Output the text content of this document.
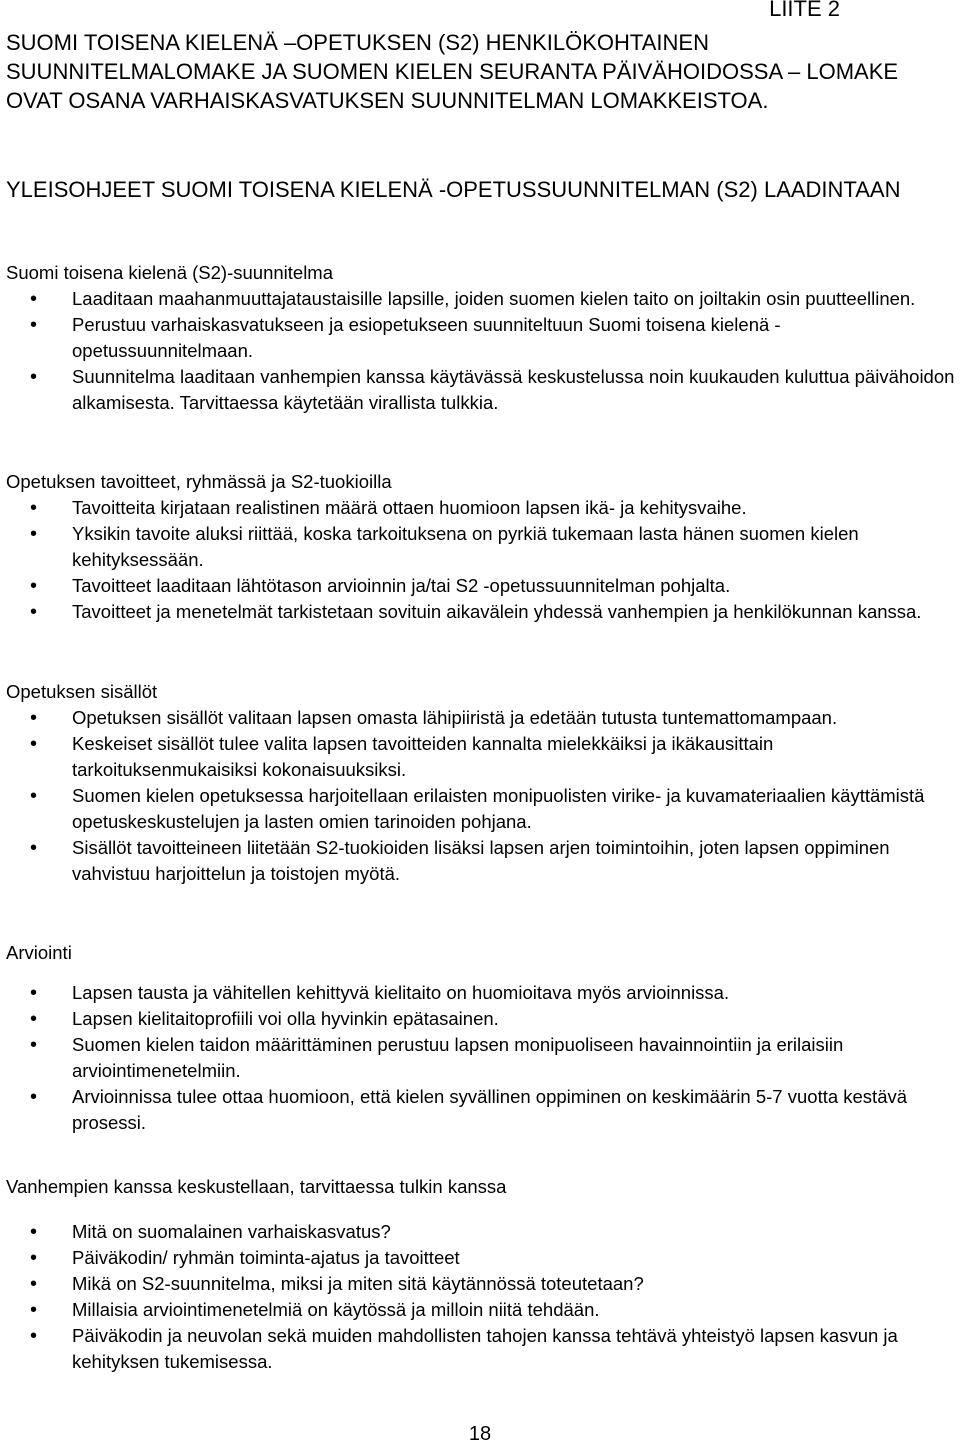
LIITE 2
SUOMI TOISENA KIELENÄ –OPETUKSEN (S2) HENKILÖKOHTAINEN SUUNNITELMALOMAKE JA SUOMEN KIELEN SEURANTA PÄIVÄHOIDOSSA – LOMAKE OVAT OSANA VARHAISKASVATUKSEN SUUNNITELMAN LOMAKKEISTOA.
YLEISOHJEET SUOMI TOISENA KIELENÄ -OPETUSSUUNNITELMAN (S2) LAADINTAAN
Suomi toisena kielenä (S2)-suunnitelma
• Laaditaan maahanmuuttajataustaisille lapsille, joiden suomen kielen taito on joiltakin osin puutteellinen.
• Perustuu varhaiskasvatukseen ja esiopetukseen suunniteltuun Suomi toisena kielenä -opetussuunnitelmaan.
• Suunnitelma laaditaan vanhempien kanssa käytävässä keskustelussa noin kuukauden kuluttua päivähoidon alkamisesta. Tarvittaessa käytetään virallista tulkkia.
Opetuksen tavoitteet, ryhmässä ja S2-tuokioilla
• Tavoitteita kirjataan realistinen määrä ottaen huomioon lapsen ikä- ja kehitysvaihe.
• Yksikin tavoite aluksi riittää, koska tarkoituksena on pyrkiä tukemaan lasta hänen suomen kielen kehityksessään.
• Tavoitteet laaditaan lähtötason arvioinnin ja/tai S2 -opetussuunnitelman pohjalta.
• Tavoitteet ja menetelmät tarkistetaan sovituin aikavälein yhdessä vanhempien ja henkilökunnan kanssa.
Opetuksen sisällöt
• Opetuksen sisällöt valitaan lapsen omasta lähipiiristä ja edetään tutusta tuntemattomampaan.
• Keskeiset sisällöt tulee valita lapsen tavoitteiden kannalta mielekkäiksi ja ikäkausittain tarkoituksenmukaisiksi kokonaisuuksiksi.
• Suomen kielen opetuksessa harjoitellaan erilaisten monipuolisten virike- ja kuvamateriaalien käyttämistä opetuskeskustelujen ja lasten omien tarinoiden pohjana.
• Sisällöt tavoitteineen liitetään S2-tuokioiden lisäksi lapsen arjen toimintoihin, joten lapsen oppiminen vahvistuu harjoittelun ja toistojen myötä.
Arviointi
• Lapsen tausta ja vähitellen kehittyvä kielitaito on huomioitava myös arvioinnissa.
• Lapsen kielitaitoprofiili voi olla hyvinkin epätasainen.
• Suomen kielen taidon määrittäminen perustuu lapsen monipuoliseen havainnointiin ja erilaisiin arviointimenetelmiin.
• Arvioinnissa tulee ottaa huomioon, että kielen syvällinen oppiminen on keskimäärin 5-7 vuotta kestävä prosessi.
Vanhempien kanssa keskustellaan, tarvittaessa tulkin kanssa
• Mitä on suomalainen varhaiskasvatus?
• Päiväkodin/ ryhmän toiminta-ajatus ja tavoitteet
• Mikä on S2-suunnitelma, miksi ja miten sitä käytännössä toteutetaan?
• Millaisia arviointimenetelmiä on käytössä ja milloin niitä tehdään.
• Päiväkodin ja neuvolan sekä muiden mahdollisten tahojen kanssa tehtävä yhteistyö lapsen kasvun ja kehityksen tukemisessa.
18
